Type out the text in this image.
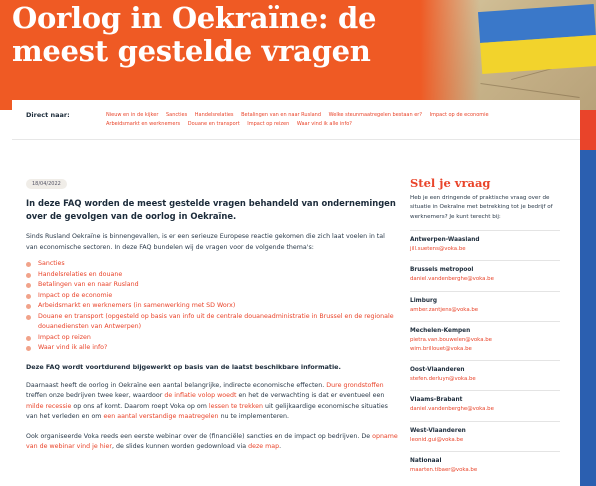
Oorlog in Oekraïne: de meest gestelde vragen
Direct naar:	Nieuw en in de kijker Sancties Handelsrelaties Betalingen van en naar Rusland Welke steunmaatregelen bestaan er? Impact op de economie
Arbeidsmarkt en werknemers Douane en transport Impact op reizen Waar vind ik alle info?
18/04/2022

In deze FAQ worden de meest gestelde vragen behandeld van ondernemingen over de gevolgen van de oorlog in Oekraïne.

Sinds Rusland Oekraïne is binnengevallen, is er een serieuze Europese reactie gekomen die zich laat voelen in tal van economische sectoren. In deze FAQ bundelen wij de vragen voor de volgende thema's:

Sancties
Handelsrelaties en douane
Betalingen van en naar Rusland
Impact op de economie
Arbeidsmarkt en werknemers (in samenwerking met SD Worx)
Douane en transport (opgesteld op basis van info uit de centrale douaneadministratie in Brussel en de regionale douanediensten van Antwerpen)
Impact op reizen
Waar vind ik alle info?

Deze FAQ wordt voortdurend bijgewerkt op basis van de laatst beschikbare informatie.

Daarnaast heeft de oorlog in Oekraïne een aantal belangrijke, indirecte economische effecten. Dure grondstoffen treffen onze bedrijven twee keer, waardoor de inflatie volop woedt en het de verwachting is dat er eventueel een milde recessie op ons af komt. Daarom roept Voka op om lessen te trekken uit gelijkaardige economische situaties van het verleden en om een aantal verstandige maatregelen nu te implementeren.

Ook organiseerde Voka reeds een eerste webinar over de (financiële) sancties en de impact op bedrijven. De opname van de webinar vind je hier, de slides kunnen worden gedownload via deze map.

Stel je vraag

Heb je een dringende of praktische vraag over de situatie in Oekraïne met betrekking tot je bedrijf of werknemers? Je kunt terecht bij:

Antwerpen-Waasland
jill.suetens@voka.be
Brussels metropool
daniel.vandenberghe@voka.be
Limburg
amber.zantjens@voka.be
Mechelen-Kempen
pietra.van.bouwelen@voka.be
wim.brillouet@voka.be
Oost-Vlaanderen
stefen.derluyn@voka.be
Vlaams-Brabant
daniel.vandenberghe@voka.be
West-Vlaanderen
leonid.gui@voka.be
Nationaal
maarten.tibaer@voka.be
